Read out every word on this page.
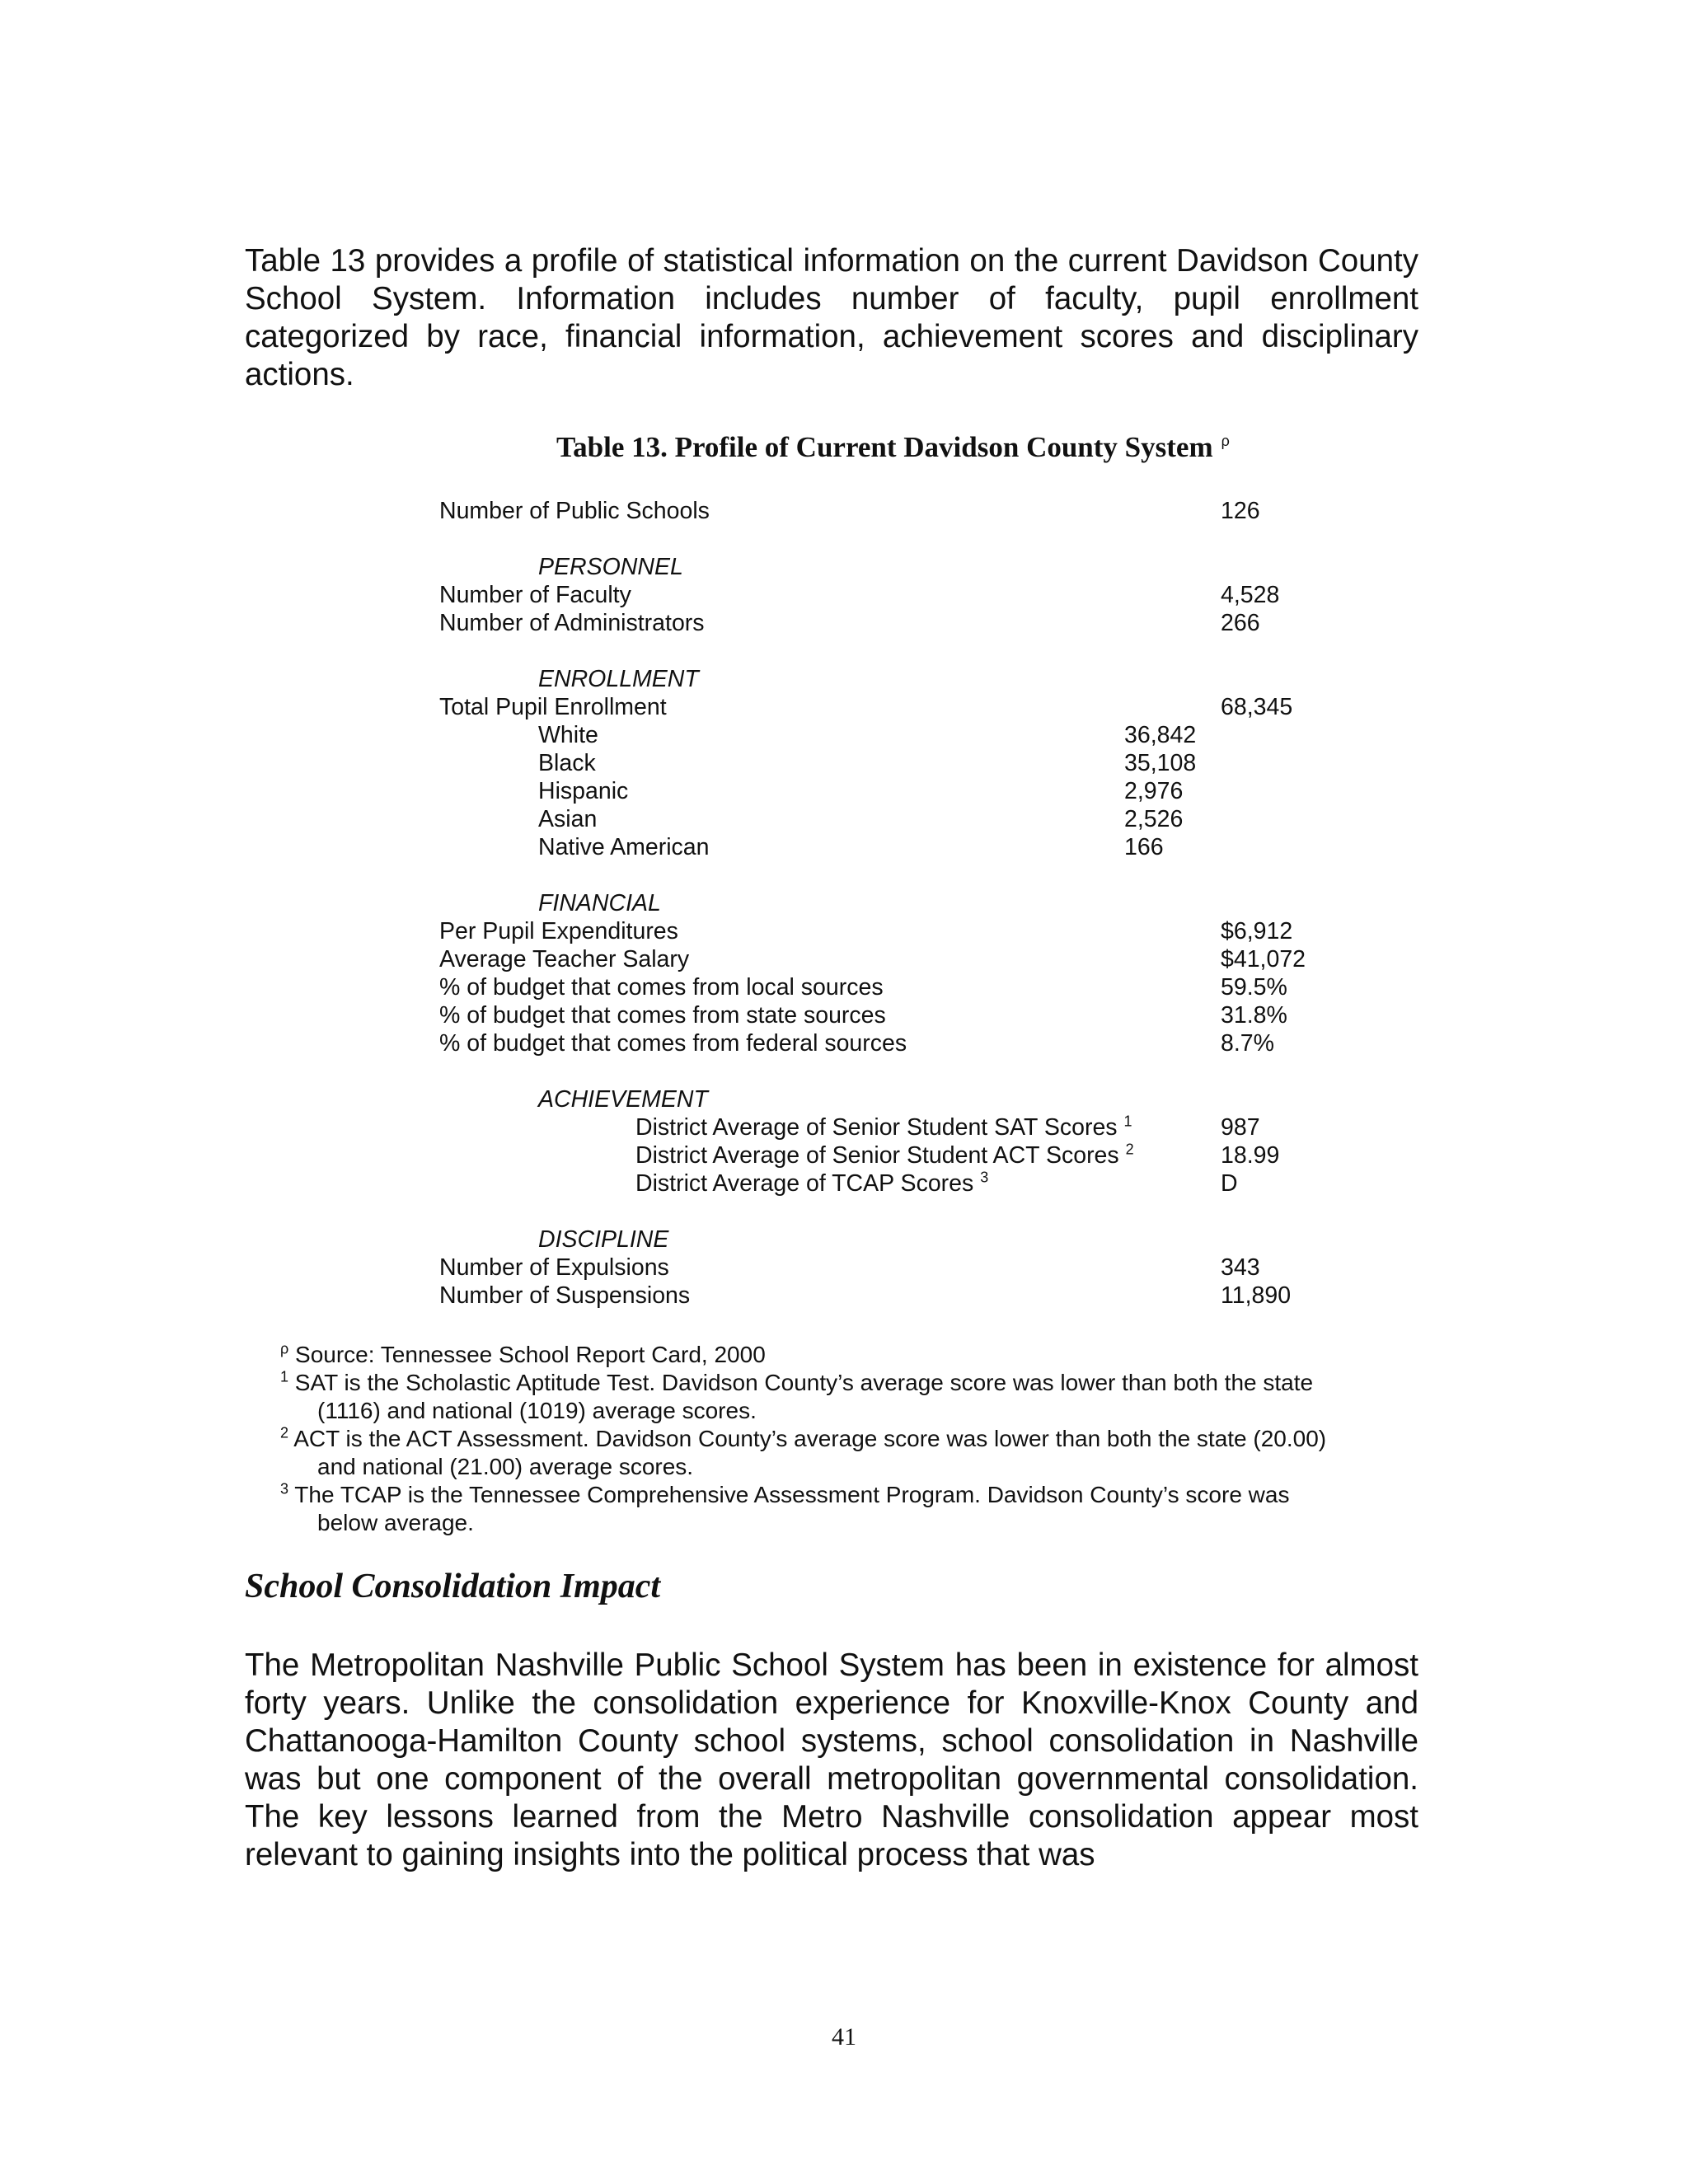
Table 13 provides a profile of statistical information on the current Davidson County School System. Information includes number of faculty, pupil enrollment categorized by race, financial information, achievement scores and disciplinary actions.

Table 13. Profile of Current Davidson County System $^\rho$
Number of Public Schools	126
PERSONNEL
Number of Faculty	4,528
Number of Administrators	266
ENROLLMENT
Total Pupil Enrollment	68,345
White	36,842
Black	35,108
Hispanic	2,976
Asian	2,526
Native American	166
FINANCIAL
Per Pupil Expenditures	$6,912
Average Teacher Salary	$41,072
% of budget that comes from local sources	59.5%
% of budget that comes from state sources	31.8%
% of budget that comes from federal sources	8.7%
ACHIEVEMENT
District Average of Senior Student SAT Scores $^1$	987
District Average of Senior Student ACT Scores $^2$	18.99
District Average of TCAP Scores $^3$	D
DISCIPLINE
Number of Expulsions	343
Number of Suspensions	11,890

$^\rho$ Source: Tennessee School Report Card, 2000

$^1$ SAT is the Scholastic Aptitude Test. Davidson County’s average score was lower than both the state
(1116) and national (1019) average scores.

$^2$ ACT is the ACT Assessment. Davidson County’s average score was lower than both the state (20.00)
and national (21.00) average scores.

$^3$ The TCAP is the Tennessee Comprehensive Assessment Program. Davidson County’s score was
below average.

School Consolidation Impact

The Metropolitan Nashville Public School System has been in existence for almost forty years. Unlike the consolidation experience for Knoxville-Knox County and Chattanooga-Hamilton County school systems, school consolidation in Nashville was but one component of the overall metropolitan governmental consolidation. The key lessons learned from the Metro Nashville consolidation appear most relevant to gaining insights into the political process that was

41
